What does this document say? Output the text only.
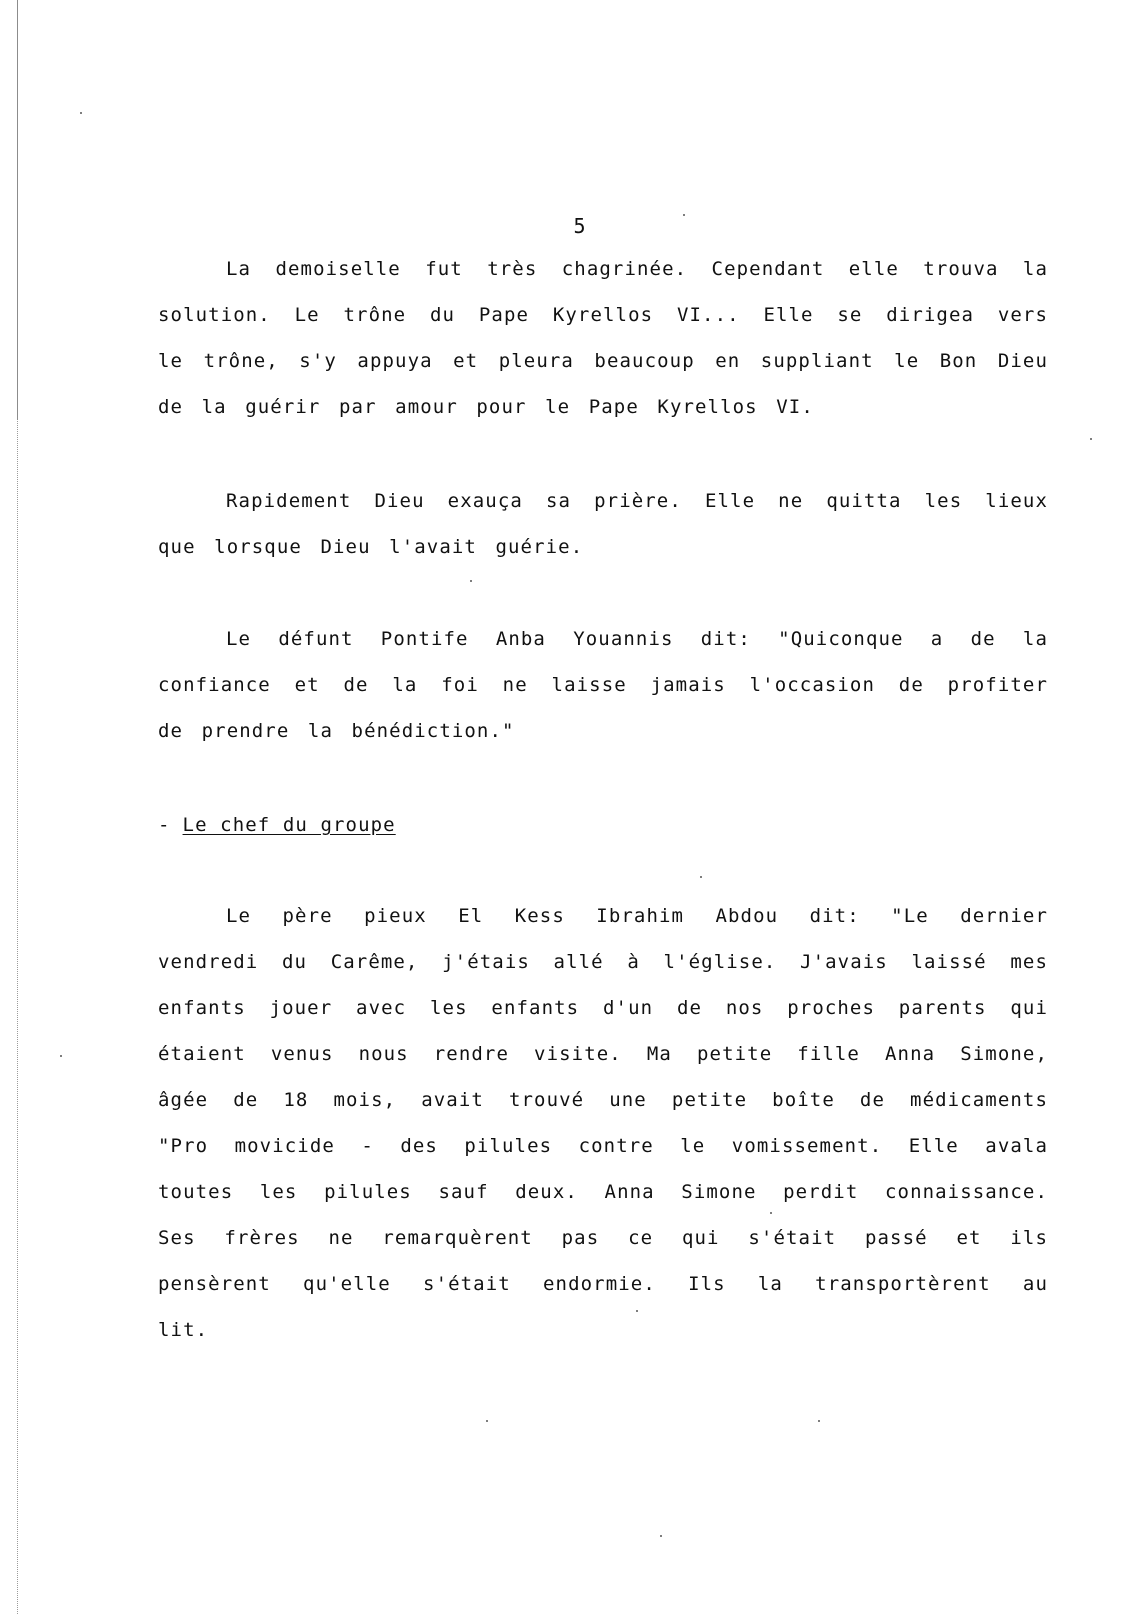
5
La demoiselle fut très chagrinée. Cependant elle trouva la
solution. Le trône du Pape Kyrellos VI... Elle se dirigea vers
le trône, s'y appuya et pleura beaucoup en suppliant le Bon Dieu
de la guérir par amour pour le Pape Kyrellos VI.
Rapidement Dieu exauça sa prière. Elle ne quitta les lieux
que lorsque Dieu l'avait guérie.
Le défunt Pontife Anba Youannis dit: "Quiconque a de la
confiance et de la foi ne laisse jamais l'occasion de profiter
de prendre la bénédiction."
- Le chef du groupe
Le père pieux El Kess Ibrahim Abdou dit: "Le dernier
vendredi du Carême, j'étais allé à l'église. J'avais laissé mes
enfants jouer avec les enfants d'un de nos proches parents qui
étaient venus nous rendre visite. Ma petite fille Anna Simone,
âgée de 18 mois, avait trouvé une petite boîte de médicaments
"Pro movicide - des pilules contre le vomissement. Elle avala
toutes les pilules sauf deux. Anna Simone perdit connaissance.
Ses frères ne remarquèrent pas ce qui s'était passé et ils
pensèrent qu'elle s'était endormie. Ils la transportèrent au
lit.
